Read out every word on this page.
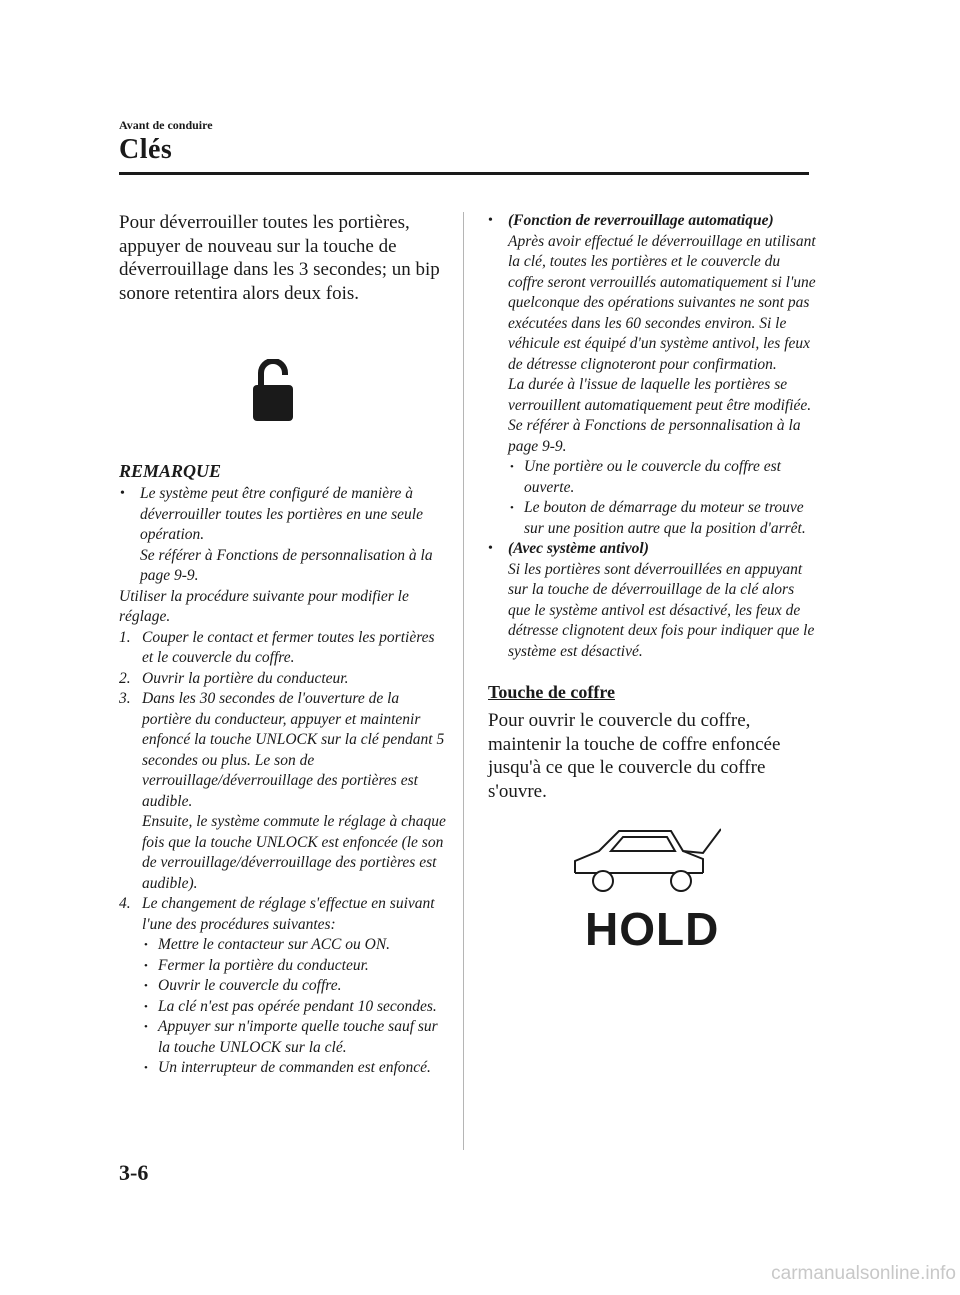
Avant de conduire
Clés

Pour déverrouiller toutes les portières, appuyer de nouveau sur la touche de déverrouillage dans les 3 secondes; un bip sonore retentira alors deux fois.

REMARQUE

• Le système peut être configuré de manière à déverrouiller toutes les portières en une seule opération.

Se référer à Fonctions de personnalisation à la page 9-9.

Utiliser la procédure suivante pour modifier le réglage.

1. Couper le contact et fermer toutes les portières et le couvercle du coffre.
2. Ouvrir la portière du conducteur.
3. Dans les 30 secondes de l'ouverture de la portière du conducteur, appuyer et maintenir enfoncé la touche UNLOCK sur la clé pendant 5 secondes ou plus. Le son de verrouillage/déverrouillage des portières est audible.

Ensuite, le système commute le réglage à chaque fois que la touche UNLOCK est enfoncée (le son de verrouillage/déverrouillage des portières est audible).

4. Le changement de réglage s'effectue en suivant l'une des procédures suivantes:
• Mettre le contacteur sur ACC ou ON.
• Fermer la portière du conducteur.
• Ouvrir le couvercle du coffre.
• La clé n'est pas opérée pendant 10 secondes.
• Appuyer sur n'importe quelle touche sauf sur la touche UNLOCK sur la clé.
• Un interrupteur de commanden est enfoncé.
• (Fonction de reverrouillage automatique)

Après avoir effectué le déverrouillage en utilisant la clé, toutes les portières et le couvercle du coffre seront verrouillés automatiquement si l'une quelconque des opérations suivantes ne sont pas exécutées dans les 60 secondes environ. Si le véhicule est équipé d'un système antivol, les feux de détresse clignoteront pour confirmation.

La durée à l'issue de laquelle les portières se verrouillent automatiquement peut être modifiée.

Se référer à Fonctions de personnalisation à la page 9-9.

• Une portière ou le couvercle du coffre est ouverte.
• Le bouton de démarrage du moteur se trouve sur une position autre que la position d'arrêt.
• (Avec système antivol)

Si les portières sont déverrouillées en appuyant sur la touche de déverrouillage de la clé alors que le système antivol est désactivé, les feux de détresse clignotent deux fois pour indiquer que le système est désactivé.

Touche de coffre

Pour ouvrir le couvercle du coffre, maintenir la touche de coffre enfoncée jusqu'à ce que le couvercle du coffre s'ouvre.

HOLD
3-6
carmanualsonline.info
